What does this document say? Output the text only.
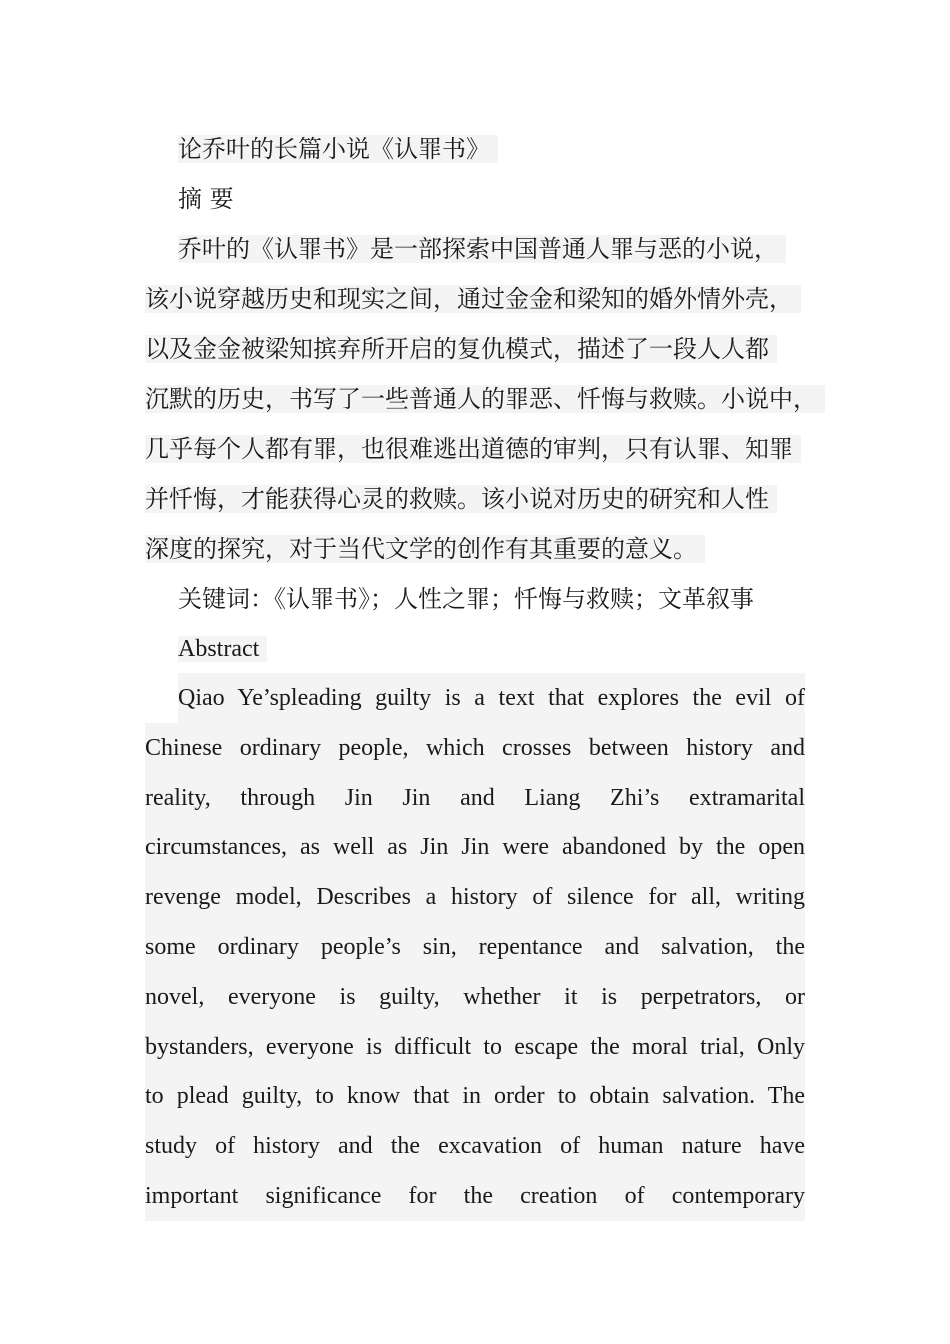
论乔叶的长篇小说《认罪书》
摘 要
乔叶的《认罪书》是一部探索中国普通人罪与恶的小说，
该小说穿越历史和现实之间，通过金金和梁知的婚外情外壳，
以及金金被梁知摈弃所开启的复仇模式，描述了一段人人都
沉默的历史，书写了一些普通人的罪恶、忏悔与救赎。小说中，
几乎每个人都有罪，也很难逃出道德的审判，只有认罪、知罪
并忏悔，才能获得心灵的救赎。该小说对历史的研究和人性
深度的探究，对于当代文学的创作有其重要的意义。
关键词：《认罪书》；人性之罪；忏悔与救赎；文革叙事
Abstract
Qiao Ye’spleading guilty is a text that explores the evil of
Chinese ordinary people, which crosses between history and
reality, through Jin Jin and Liang Zhi’s extramarital
circumstances, as well as Jin Jin were abandoned by the open
revenge model, Describes a history of silence for all, writing
some ordinary people’s sin, repentance and salvation, the
novel, everyone is guilty, whether it is perpetrators, or
bystanders, everyone is difficult to escape the moral trial, Only
to plead guilty, to know that in order to obtain salvation. The
study of history and the excavation of human nature have
important significance for the creation of contemporary
